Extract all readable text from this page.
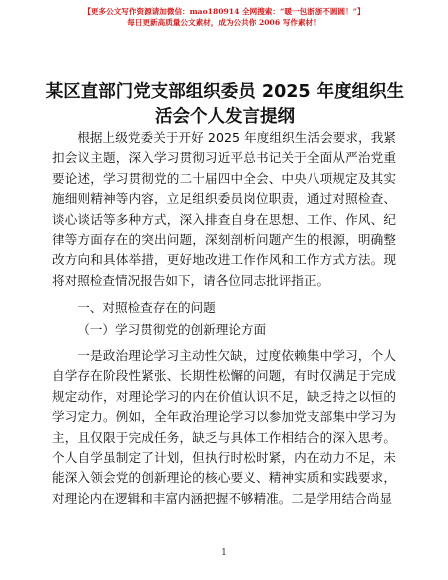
【更多公文写作资源请加微信：mao180914 全网搜索：“暖一包浙浙不圆圆！”】
每日更新高质量公文素材，成为公共你 2006 写作素材！
某区直部门党支部组织委员 2025 年度组织生活会个人发言提纲
根据上级党委关于开好 2025 年度组织生活会要求，我紧扣会议主题，深入学习贯彻习近平总书记关于全面从严治党重要论述，学习贯彻党的二十届四中全会、中央八项规定及其实施细则精神等内容，立足组织委员岗位职责，通过对照检查、谈心谈话等多种方式，深入排查自身在思想、工作、作风、纪律等方面存在的突出问题，深刻剖析问题产生的根源，明确整改方向和具体举措，更好地改进工作作风和工作方式方法。现将对照检查情况报告如下，请各位同志批评指正。
一、对照检查存在的问题
（一）学习贯彻党的创新理论方面
一是政治理论学习主动性欠缺，过度依赖集中学习，个人自学存在阶段性紧张、长期性松懈的问题，有时仅满足于完成规定动作，对理论学习的内在价值认识不足，缺乏持之以恒的学习定力。例如，全年政治理论学习以参加党支部集中学习为主，且仅限于完成任务，缺乏与具体工作相结合的深入思考。个人自学虽制定了计划，但执行时松时紧，内在动力不足，未能深入领会党的创新理论的核心要义、精神实质和实践要求，对理论内在逻辑和丰富内涵把握不够精准。二是学用结合尚显
1
